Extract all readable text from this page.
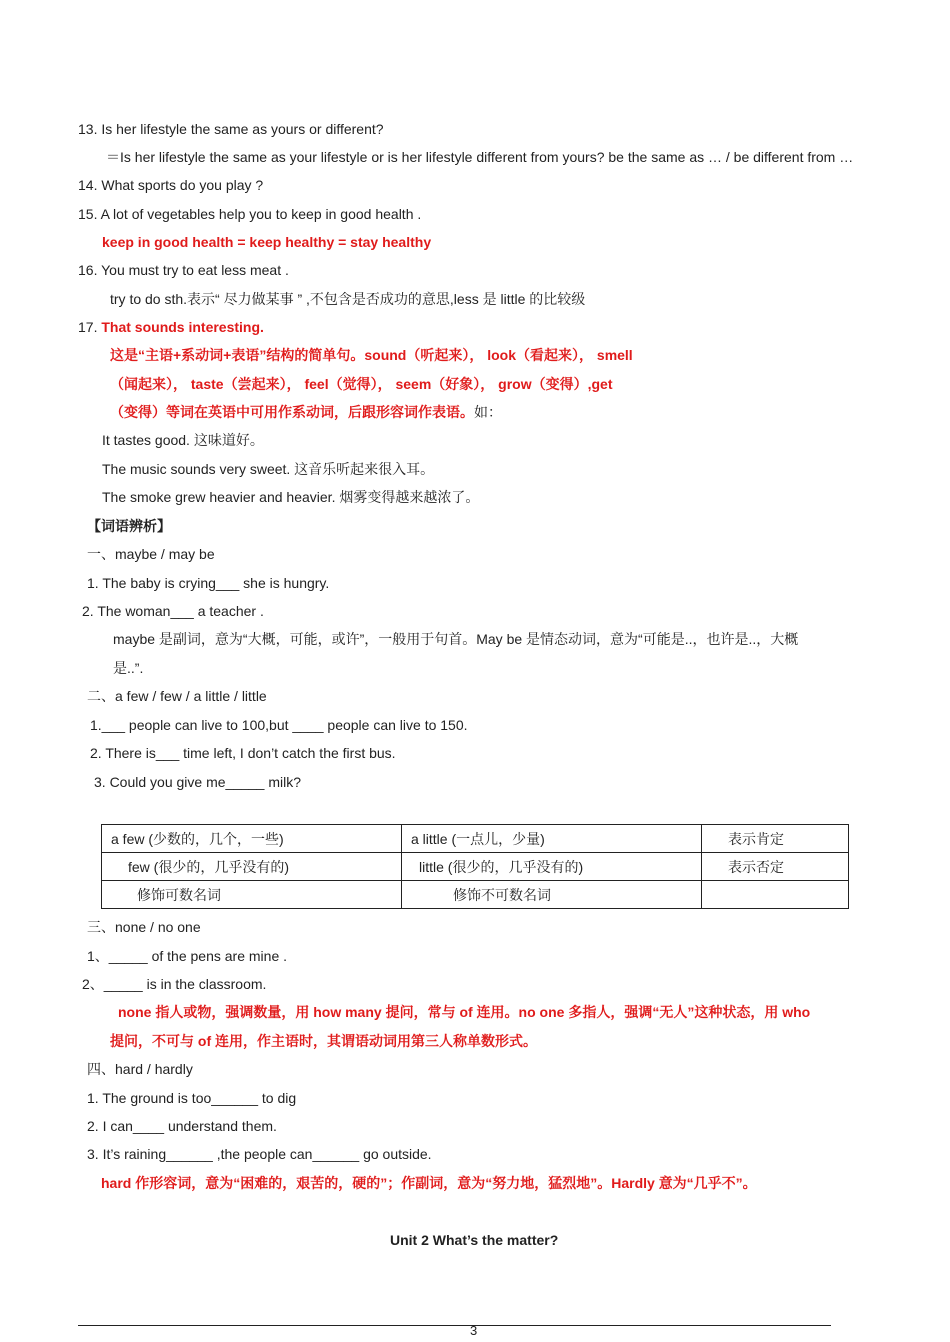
13. Is her lifestyle the same as yours or different?
＝Is her lifestyle the same as your lifestyle or is her lifestyle different from yours? be the same as … / be different from …
14. What sports do you play ?
15. A lot of vegetables help you to keep in good health .
keep in good health = keep healthy = stay healthy
16. You must try to eat less meat .
try to do sth.表示“ 尽力做某事 ” ,不包含是否成功的意思,less 是 little 的比较级
17. That sounds interesting.
这是“主语+系动词+表语”结构的简单句。sound（听起来）， look（看起来）， smell
（闻起来）， taste（尝起来）， feel（觉得）， seem（好象）， grow（变得）,get
（变得）等词在英语中可用作系动词，后跟形容词作表语。如：
It tastes good. 这味道好。
The music sounds very sweet. 这音乐听起来很入耳。
The smoke grew heavier and heavier. 烟雾变得越来越浓了。
【词语辨析】
一、maybe / may be
1. The baby is crying___ she is hungry.
2. The woman___ a teacher .
maybe 是副词，意为“大概，可能，或许”，一般用于句首。May be 是情态动词，意为“可能是..，也许是..，大概
是..”.
二、a few / few / a little / little
1.___ people can live to 100,but ____ people can live to 150.
2. There is___ time left, I don’t catch the first bus.
3. Could you give me_____ milk?
a few (少数的，几个，一些)	a little (一点儿，少量)	表示肯定
few (很少的，几乎没有的)	little (很少的，几乎没有的)	表示否定
修饰可数名词	修饰不可数名词	
三、none / no one
1、_____ of the pens are mine .
2、_____ is in the classroom.
none 指人或物，强调数量，用 how many 提问，常与 of 连用。no one 多指人，强调“无人”这种状态，用 who
提问，不可与 of 连用，作主语时，其谓语动词用第三人称单数形式。
四、hard / hardly
1. The ground is too______ to dig
2. I can____ understand them.
3. It’s raining______ ,the people can______ go outside.
hard 作形容词，意为“困难的，艰苦的，硬的”；作副词，意为“努力地，猛烈地”。Hardly 意为“几乎不”。
Unit 2 What’s the matter?
3
